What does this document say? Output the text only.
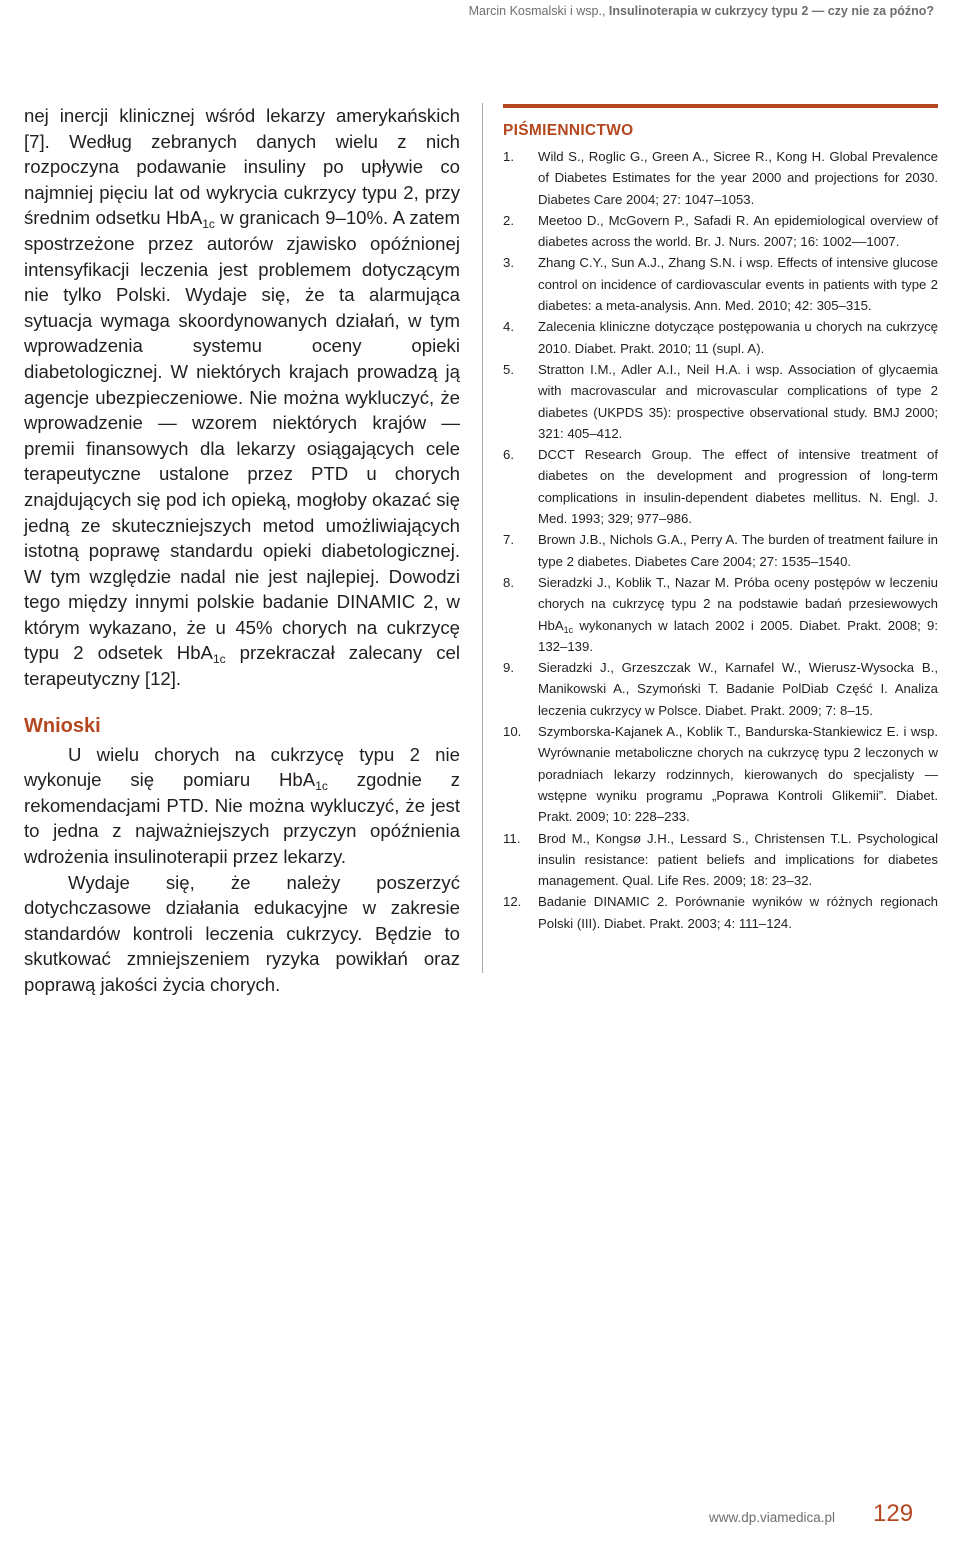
Marcin Kosmalski i wsp., Insulinoterapia w cukrzycy typu 2 — czy nie za późno?

nej inercji klinicznej wśród lekarzy amerykańskich [7]. Według zebranych danych wielu z nich rozpoczyna podawanie insuliny po upływie co najmniej pięciu lat od wykrycia cukrzycy typu 2, przy średnim odsetku HbA$_{1c}$ w granicach 9–10%. A zatem spostrzeżone przez autorów zjawisko opóźnionej intensyfikacji leczenia jest problemem dotyczącym nie tylko Polski. Wydaje się, że ta alarmująca sytuacja wymaga skoordynowanych działań, w tym wprowadzenia systemu oceny opieki diabetologicznej. W niektórych krajach prowadzą ją agencje ubezpieczeniowe. Nie można wykluczyć, że wprowadzenie — wzorem niektórych krajów — premii finansowych dla lekarzy osiągających cele terapeutyczne ustalone przez PTD u chorych znajdujących się pod ich opieką, mogłoby okazać się jedną ze skuteczniejszych metod umożliwiających istotną poprawę standardu opieki diabetologicznej. W tym względzie nadal nie jest najlepiej. Dowodzi tego między innymi polskie badanie DINAMIC 2, w którym wykazano, że u 45% chorych na cukrzycę typu 2 odsetek HbA$_{1c}$ przekraczał zalecany cel terapeutyczny [12].

Wnioski

U wielu chorych na cukrzycę typu 2 nie wykonuje się pomiaru HbA$_{1c}$ zgodnie z rekomendacjami PTD. Nie można wykluczyć, że jest to jedna z najważniejszych przyczyn opóźnienia wdrożenia insulinoterapii przez lekarzy.

Wydaje się, że należy poszerzyć dotychczasowe działania edukacyjne w zakresie standardów kontroli leczenia cukrzycy. Będzie to skutkować zmniejszeniem ryzyka powikłań oraz poprawą jakości życia chorych.

PIŚMIENNICTWO
1.	Wild S., Roglic G., Green A., Sicree R., Kong H. Global Prevalence of Diabetes Estimates for the year 2000 and projections for 2030. Diabetes Care 2004; 27: 1047–1053.
2.	Meetoo D., McGovern P., Safadi R. An epidemiological overview of diabetes across the world. Br. J. Nurs. 2007; 16: 1002––1007.
3.	Zhang C.Y., Sun A.J., Zhang S.N. i wsp. Effects of intensive glucose control on incidence of cardiovascular events in patients with type 2 diabetes: a meta-analysis. Ann. Med. 2010; 42: 305–315.
4.	Zalecenia kliniczne dotyczące postępowania u chorych na cukrzycę 2010. Diabet. Prakt. 2010; 11 (supl. A).
5.	Stratton I.M., Adler A.I., Neil H.A. i wsp. Association of glycaemia with macrovascular and microvascular complications of type 2 diabetes (UKPDS 35): prospective observational study. BMJ 2000; 321: 405–412.
6.	DCCT Research Group. The effect of intensive treatment of diabetes on the development and progression of long-term complications in insulin-dependent diabetes mellitus. N. Engl. J. Med. 1993; 329; 977–986.
7.	Brown J.B., Nichols G.A., Perry A. The burden of treatment failure in type 2 diabetes. Diabetes Care 2004; 27: 1535–1540.
8.	Sieradzki J., Koblik T., Nazar M. Próba oceny postępów w leczeniu chorych na cukrzycę typu 2 na podstawie badań przesiewowych HbA$_{1c}$ wykonanych w latach 2002 i 2005. Diabet. Prakt. 2008; 9: 132–139.
9.	Sieradzki J., Grzeszczak W., Karnafel W., Wierusz-Wysocka B., Manikowski A., Szymoński T. Badanie PolDiab Część I. Analiza leczenia cukrzycy w Polsce. Diabet. Prakt. 2009; 7: 8–15.
10.	Szymborska-Kajanek A., Koblik T., Bandurska-Stankiewicz E. i wsp. Wyrównanie metaboliczne chorych na cukrzycę typu 2 leczonych w poradniach lekarzy rodzinnych, kierowanych do specjalisty — wstępne wyniku programu „Poprawa Kontroli Glikemii”. Diabet. Prakt. 2009; 10: 228–233.
11.	Brod M., Kongsø J.H., Lessard S., Christensen T.L. Psychological insulin resistance: patient beliefs and implications for diabetes management. Qual. Life Res. 2009; 18: 23–32.
12.	Badanie DINAMIC 2. Porównanie wyników w różnych regionach Polski (III). Diabet. Prakt. 2003; 4: 111–124.
www.dp.viamedica.pl 129
